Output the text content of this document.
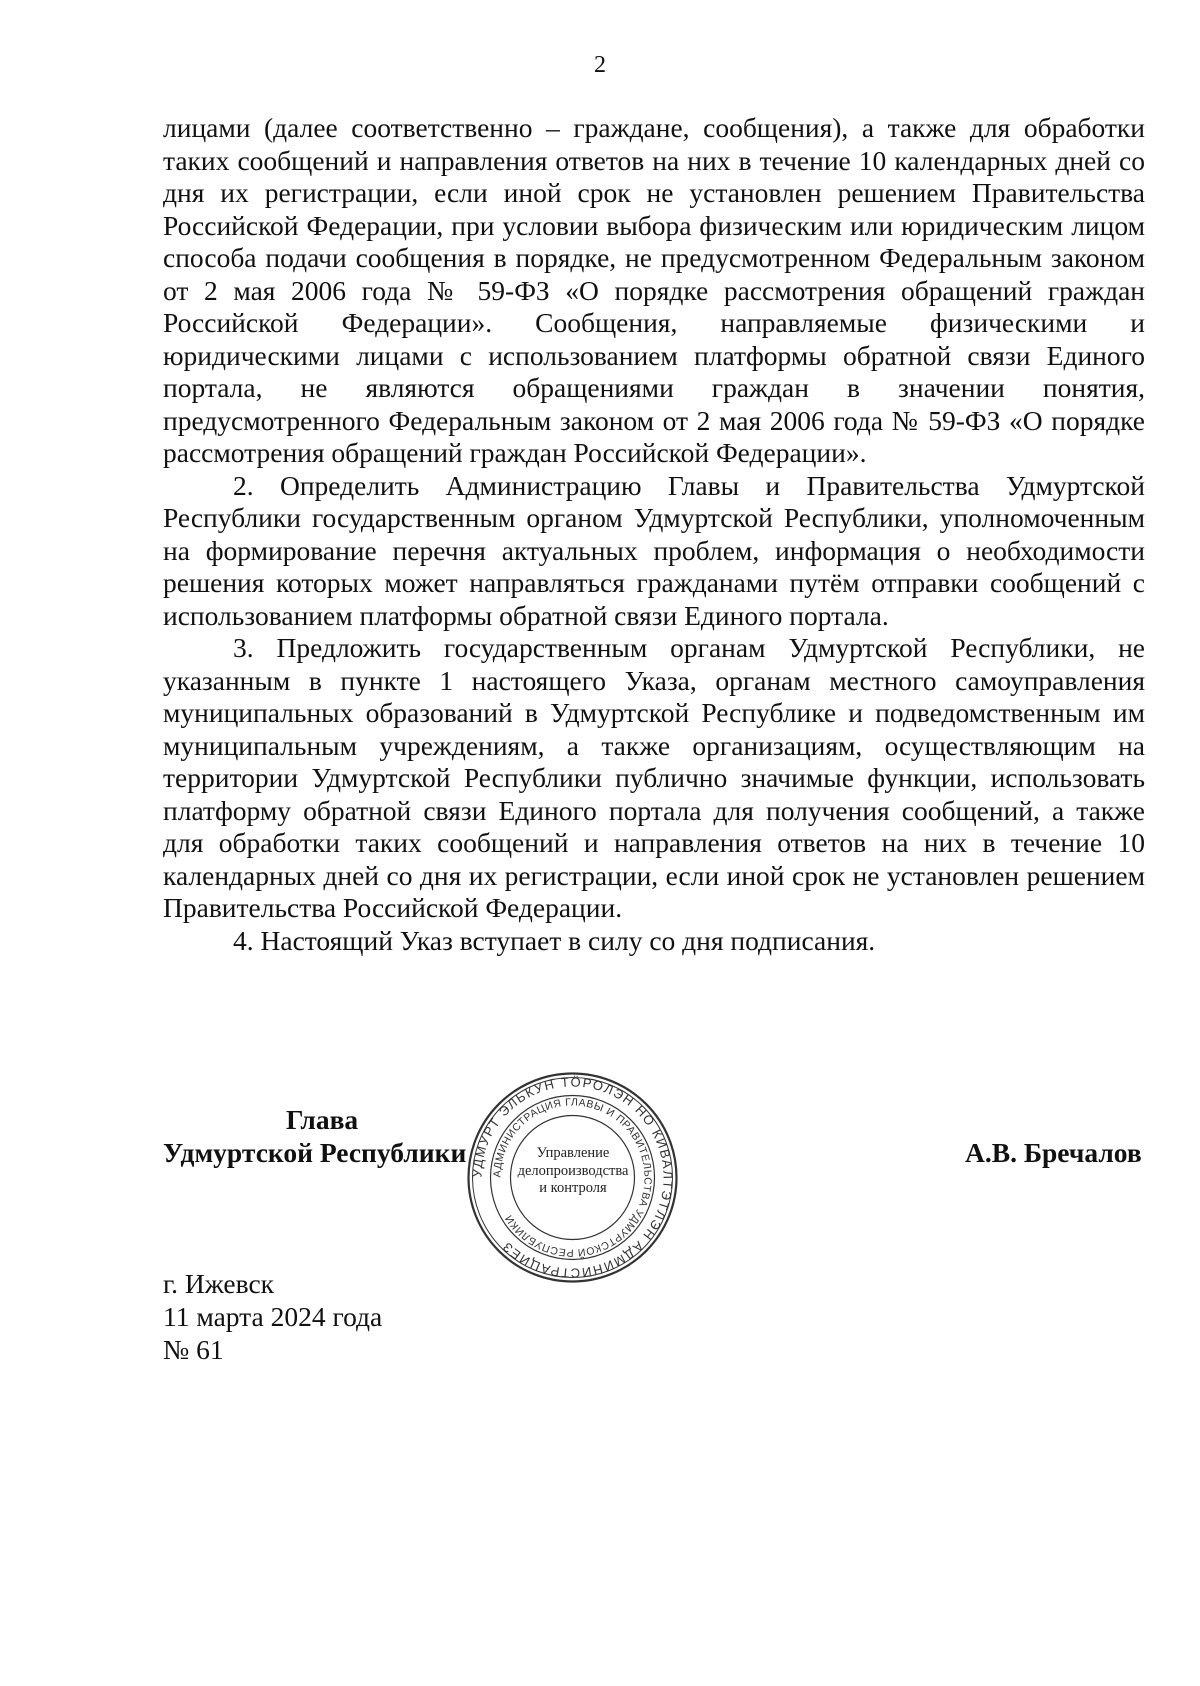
2

лицами (далее соответственно – граждане, сообщения), а также для обработки таких сообщений и направления ответов на них в течение 10 календарных дней со дня их регистрации, если иной срок не установлен решением Правительства Российской Федерации, при условии выбора физическим или юридическим лицом способа подачи сообщения в порядке, не предусмотренном Федеральным законом от 2 мая 2006 года № 59-ФЗ «О порядке рассмотрения обращений граждан Российской Федерации». Сообщения, направляемые физическими и юридическими лицами с использованием платформы обратной связи Единого портала, не являются обращениями граждан в значении понятия, предусмотренного Федеральным законом от 2 мая 2006 года № 59-ФЗ «О порядке рассмотрения обращений граждан Российской Федерации».

2. Определить Администрацию Главы и Правительства Удмуртской Республики государственным органом Удмуртской Республики, уполномоченным на формирование перечня актуальных проблем, информация о необходимости решения которых может направляться гражданами путём отправки сообщений с использованием платформы обратной связи Единого портала.

3. Предложить государственным органам Удмуртской Республики, не указанным в пункте 1 настоящего Указа, органам местного самоуправления муниципальных образований в Удмуртской Республике и подведомственным им муниципальным учреждениям, а также организациям, осуществляющим на территории Удмуртской Республики публично значимые функции, использовать платформу обратной связи Единого портала для получения сообщений, а также для обработки таких сообщений и направления ответов на них в течение 10 календарных дней со дня их регистрации, если иной срок не установлен решением Правительства Российской Федерации.

4. Настоящий Указ вступает в силу со дня подписания.

Глава
Удмуртской Республики
УДМУРТ ЭЛЬКУН ТӦРОЛЭН НО КИВАЛТЭТЛЭН АДМИНИСТРАЦИЕЗ
АДМИНИСТРАЦИЯ ГЛАВЫ И ПРАВИТЕЛЬСТВА УДМУРТСКОЙ РЕСПУБЛИКИ
Управление
делопроизводства
и контроля
А.В. Бречалов
г. Ижевск
11 марта 2024 года
№ 61
